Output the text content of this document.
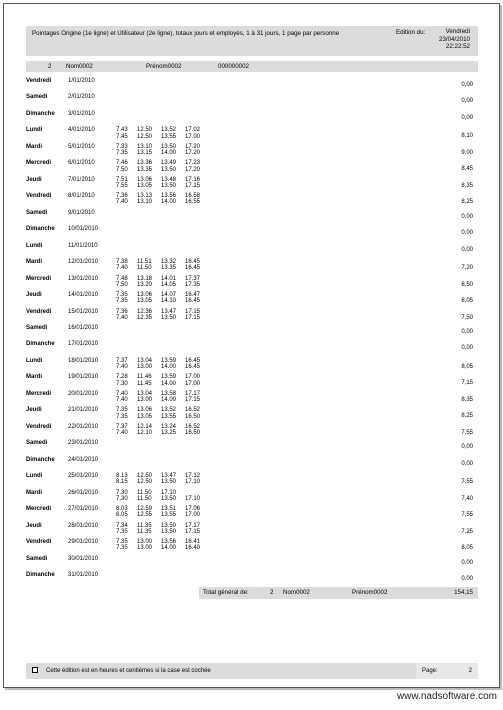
Pointages Origine (1e ligne) et Utilisateur (2e ligne), totaux jours et employés, 1 à 31 jours, 1 page par personne	Edition du:	Vendredi
23/04/2010
22:22:52
2 Nom0002	Prénom0002	000000002
Vendredi	1/01/2010
0,00
Samedi	2/01/2010
0,00
Dimanche 3/01/2010
0,00
Lundi	4/01/2010	7.43 12.50 13.52 17.02
7.45 12.50 13.55 17.00	8,10
Mardi	5/01/2010	7.33 13.10 13.50 17.20
7.35 13.15 14.00 17.20	9,00
Mercredi	6/01/2010	7.46 13.36 13.49 17.23
7.50 13.35 13.50 17.20	8,45
Jeudi	7/01/2010	7.51 13.06 13.48 17.16
7.55 13.05 13.50 17.15	8,35
Vendredi	8/01/2010	7.36 13.13 13.56 16.58
7.40 13.10 14.00 16.55	8,25
Samedi	9/01/2010
0,00
Dimanche 10/01/2010
0,00
Lundi	11/01/2010
0,00
Mardi	12/01/2010	7.38 11.51 13.32 16.45
7.40 11.50 13.35 16.45	7,20
Mercredi	13/01/2010	7.48 13.18 14.01 17.37
7.50 13.20 14.05 17.35	8,50
Jeudi	14/01/2010	7.35 13.06 14.07 16.47
7.35 13.05 14.10 16.45	8,05
Vendredi	15/01/2010	7.36 12.36 13.47 17.15
7.40 12.35 13.50 17.15	7,50
Samedi	16/01/2010
0,00
Dimanche 17/01/2010
0,00
Lundi	18/01/2010	7.37 13.04 13.59 16.45
7.40 13.00 14.00 16.45	8,05
Mardi	19/01/2010	7.28 11.46 13.59 17.00
7.30 11.45 14.00 17.00	7,15
Mercredi	20/01/2010	7.40 13.04 13.58 17.17
7.40 13.00 14.00 17.15	8,35
Jeudi	21/01/2010	7.35 13.06 13.52 16.52
7.35 13.05 13.55 16.50	8,25
Vendredi	22/01/2010	7.37 12.14 13.24 16.52
7.40 12.10 13.25 16.50	7,55
Samedi	23/01/2010
0,00
Dimanche 24/01/2010
0,00
Lundi	25/01/2010	8.13 12.50 13.47 17.12
8.15 12.50 13.50 17.10	7,55
Mardi	26/01/2010	7.30 11.50 17.10
7.30 11.50 13.50 17.10	7,40
Mercredi	27/01/2010	8.03 12.59 13.51 17.06
8.05 12.55 13.55 17.00	7,55
Jeudi	28/01/2010	7.34 11.35 13.50 17.17
7.35 11.35 13.50 17.15	7,25
Vendredi	29/01/2010	7.35 13.00 13.56 16.41
7.35 13.00 14.00 16.40	8,05
Samedi	30/01/2010
0,00
Dimanche 31/01/2010
0,00
Total général de:	2 Nom0002	Prénom0002	154,15
Cette édition est en heures et centièmes si la case est cochée	Page:	2
www.nadsoftware.com
